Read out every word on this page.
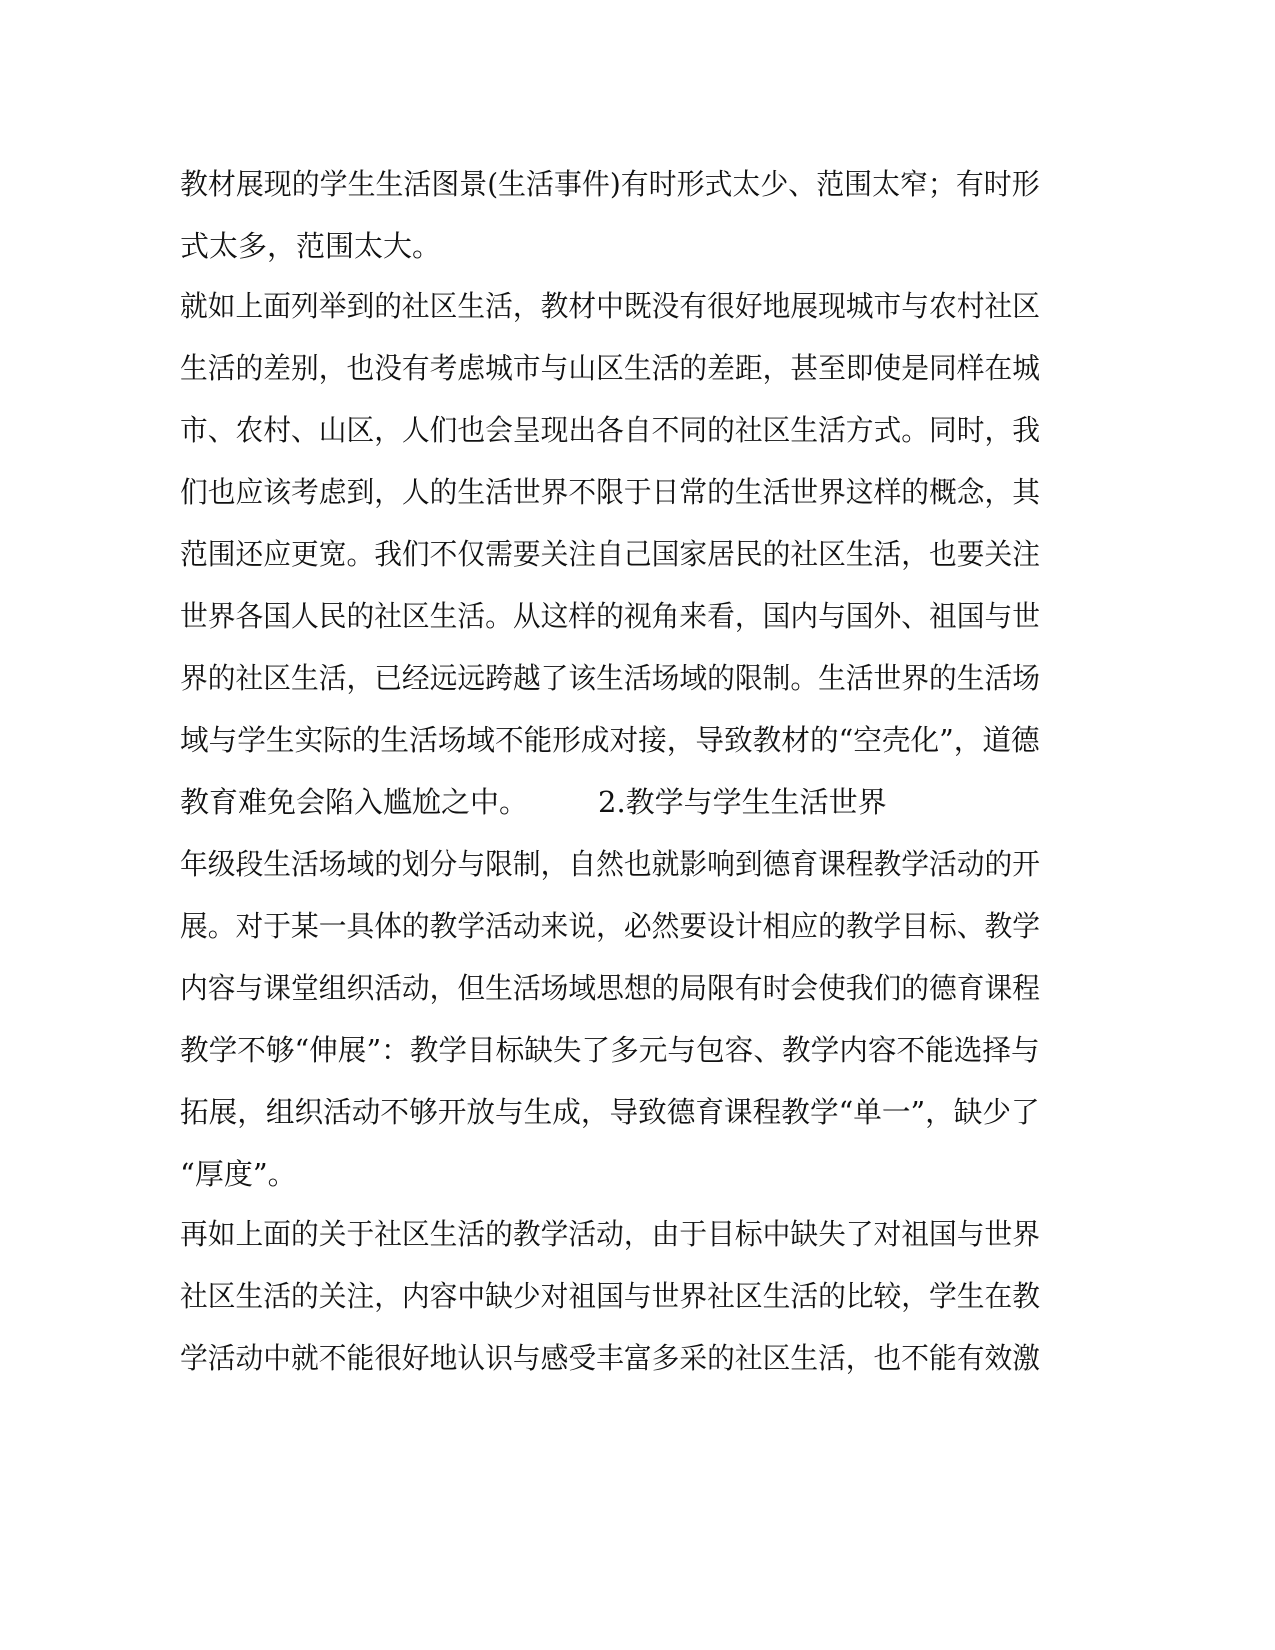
教材展现的学生生活图景(生活事件)有时形式太少、范围太窄；有时形
式太多，范围太大。
就如上面列举到的社区生活，教材中既没有很好地展现城市与农村社区
生活的差别，也没有考虑城市与山区生活的差距，甚至即使是同样在城
市、农村、山区，人们也会呈现出各自不同的社区生活方式。同时，我
们也应该考虑到，人的生活世界不限于日常的生活世界这样的概念，其
范围还应更宽。我们不仅需要关注自己国家居民的社区生活，也要关注
世界各国人民的社区生活。从这样的视角来看，国内与国外、祖国与世
界的社区生活，已经远远跨越了该生活场域的限制。生活世界的生活场
域与学生实际的生活场域不能形成对接，导致教材的“空壳化”，道德
教育难免会陷入尴尬之中。 2.教学与学生生活世界
年级段生活场域的划分与限制，自然也就影响到德育课程教学活动的开
展。对于某一具体的教学活动来说，必然要设计相应的教学目标、教学
内容与课堂组织活动，但生活场域思想的局限有时会使我们的德育课程
教学不够“伸展”：教学目标缺失了多元与包容、教学内容不能选择与
拓展，组织活动不够开放与生成，导致德育课程教学“单一”，缺少了
“厚度”。
再如上面的关于社区生活的教学活动，由于目标中缺失了对祖国与世界
社区生活的关注，内容中缺少对祖国与世界社区生活的比较，学生在教
学活动中就不能很好地认识与感受丰富多采的社区生活，也不能有效激
